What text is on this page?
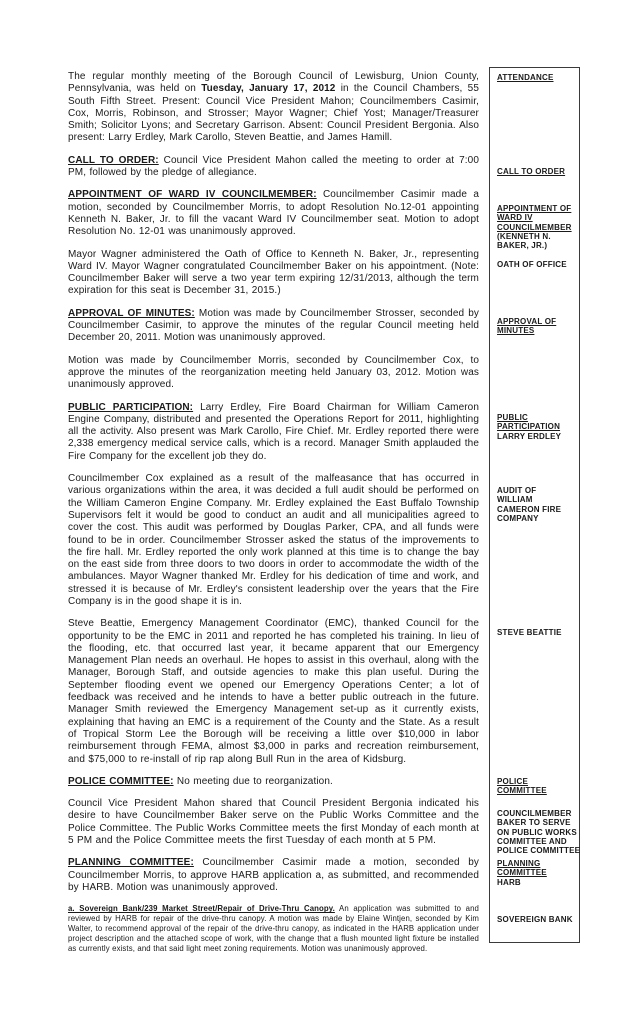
The regular monthly meeting of the Borough Council of Lewisburg, Union County, Pennsylvania, was held on Tuesday, January 17, 2012 in the Council Chambers, 55 South Fifth Street. Present: Council Vice President Mahon; Councilmembers Casimir, Cox, Morris, Robinson, and Strosser; Mayor Wagner; Chief Yost; Manager/Treasurer Smith; Solicitor Lyons; and Secretary Garrison. Absent: Council President Bergonia. Also present: Larry Erdley, Mark Carollo, Steven Beattie, and James Hamill.

CALL TO ORDER: Council Vice President Mahon called the meeting to order at 7:00 PM, followed by the pledge of allegiance.

APPOINTMENT OF WARD IV COUNCILMEMBER: Councilmember Casimir made a motion, seconded by Councilmember Morris, to adopt Resolution No.12-01 appointing Kenneth N. Baker, Jr. to fill the vacant Ward IV Councilmember seat. Motion to adopt Resolution No. 12-01 was unanimously approved.

Mayor Wagner administered the Oath of Office to Kenneth N. Baker, Jr., representing Ward IV. Mayor Wagner congratulated Councilmember Baker on his appointment. (Note: Councilmember Baker will serve a two year term expiring 12/31/2013, although the term expiration for this seat is December 31, 2015.)

APPROVAL OF MINUTES: Motion was made by Councilmember Strosser, seconded by Councilmember Casimir, to approve the minutes of the regular Council meeting held December 20, 2011. Motion was unanimously approved.

Motion was made by Councilmember Morris, seconded by Councilmember Cox, to approve the minutes of the reorganization meeting held January 03, 2012. Motion was unanimously approved.

PUBLIC PARTICIPATION: Larry Erdley, Fire Board Chairman for William Cameron Engine Company, distributed and presented the Operations Report for 2011, highlighting all the activity. Also present was Mark Carollo, Fire Chief. Mr. Erdley reported there were 2,338 emergency medical service calls, which is a record. Manager Smith applauded the Fire Company for the excellent job they do.

Councilmember Cox explained as a result of the malfeasance that has occurred in various organizations within the area, it was decided a full audit should be performed on the William Cameron Engine Company. Mr. Erdley explained the East Buffalo Township Supervisors felt it would be good to conduct an audit and all municipalities agreed to cover the cost. This audit was performed by Douglas Parker, CPA, and all funds were found to be in order. Councilmember Strosser asked the status of the improvements to the fire hall. Mr. Erdley reported the only work planned at this time is to change the bay on the east side from three doors to two doors in order to accommodate the width of the ambulances. Mayor Wagner thanked Mr. Erdley for his dedication of time and work, and stressed it is because of Mr. Erdley's consistent leadership over the years that the Fire Company is in the good shape it is in.

Steve Beattie, Emergency Management Coordinator (EMC), thanked Council for the opportunity to be the EMC in 2011 and reported he has completed his training. In lieu of the flooding, etc. that occurred last year, it became apparent that our Emergency Management Plan needs an overhaul. He hopes to assist in this overhaul, along with the Manager, Borough Staff, and outside agencies to make this plan useful. During the September flooding event we opened our Emergency Operations Center; a lot of feedback was received and he intends to have a better public outreach in the future. Manager Smith reviewed the Emergency Management set-up as it currently exists, explaining that having an EMC is a requirement of the County and the State. As a result of Tropical Storm Lee the Borough will be receiving a little over $10,000 in labor reimbursement through FEMA, almost $3,000 in parks and recreation reimbursement, and $75,000 to re-install of rip rap along Bull Run in the area of Kidsburg.

POLICE COMMITTEE: No meeting due to reorganization.

Council Vice President Mahon shared that Council President Bergonia indicated his desire to have Councilmember Baker serve on the Public Works Committee and the Police Committee. The Public Works Committee meets the first Monday of each month at 5 PM and the Police Committee meets the first Tuesday of each month at 5 PM.

PLANNING COMMITTEE: Councilmember Casimir made a motion, seconded by Councilmember Morris, to approve HARB application a, as submitted, and recommended by HARB. Motion was unanimously approved.

a. Sovereign Bank/239 Market Street/Repair of Drive-Thru Canopy. An application was submitted to and reviewed by HARB for repair of the drive-thru canopy. A motion was made by Elaine Wintjen, seconded by Kim Walter, to recommend approval of the repair of the drive-thru canopy, as indicated in the HARB application under project description and the attached scope of work, with the change that a flush mounted light fixture be installed as currently exists, and that said light meet zoning requirements. Motion was unanimously approved.

ATTENDANCE
CALL TO ORDER
APPOINTMENT OF
WARD IV
COUNCILMEMBER
(KENNETH N.
BAKER, JR.)
OATH OF OFFICE
APPROVAL OF
MINUTES
PUBLIC
PARTICIPATION
LARRY ERDLEY
AUDIT OF
WILLIAM
CAMERON FIRE
COMPANY
STEVE BEATTIE
POLICE
COMMITTEE
COUNCILMEMBER
BAKER TO SERVE
ON PUBLIC WORKS
COMMITTEE AND
POLICE COMMITTEE
PLANNING
COMMITTEE
HARB
SOVEREIGN BANK
